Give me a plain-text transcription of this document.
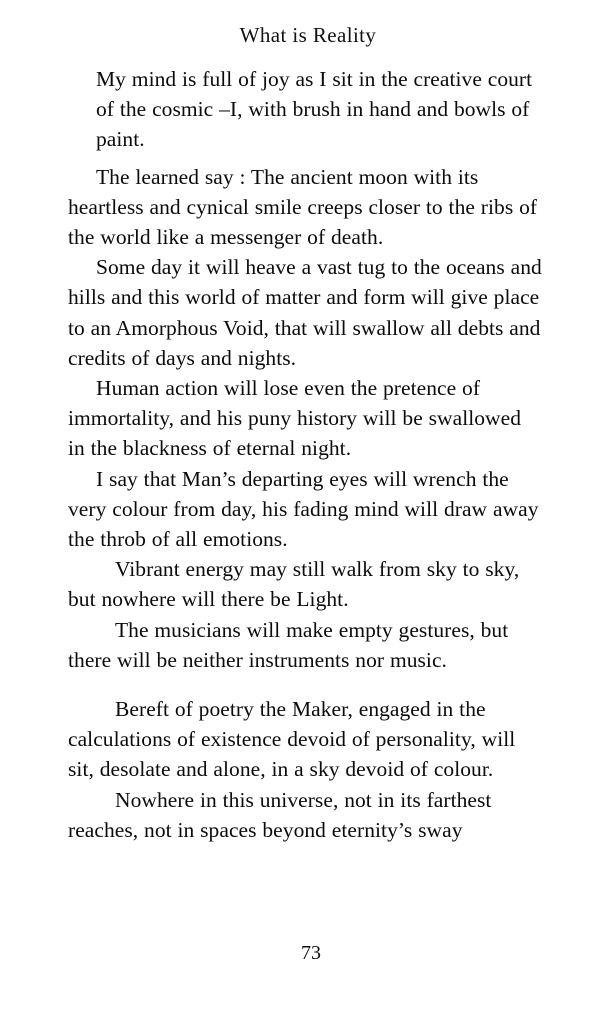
What is Reality

My mind is full of joy as I sit in the creative court of the cosmic –I, with brush in hand and bowls of paint.

The learned say : The ancient moon with its heartless and cynical smile creeps closer to the ribs of the world like a messenger of death.

Some day it will heave a vast tug to the oceans and hills and this world of matter and form will give place to an Amorphous Void, that will swallow all debts and credits of days and nights.

Human action will lose even the pretence of immortality, and his puny history will be swallowed in the blackness of eternal night.

I say that Man’s departing eyes will wrench the very colour from day, his fading mind will draw away the throb of all emotions.

Vibrant energy may still walk from sky to sky, but nowhere will there be Light.

The musicians will make empty gestures, but there will be neither instruments nor music.

Bereft of poetry the Maker, engaged in the calculations of existence devoid of personality, will sit, desolate and alone, in a sky devoid of colour.

Nowhere in this universe, not in its farthest reaches, not in spaces beyond eternity’s sway

73
